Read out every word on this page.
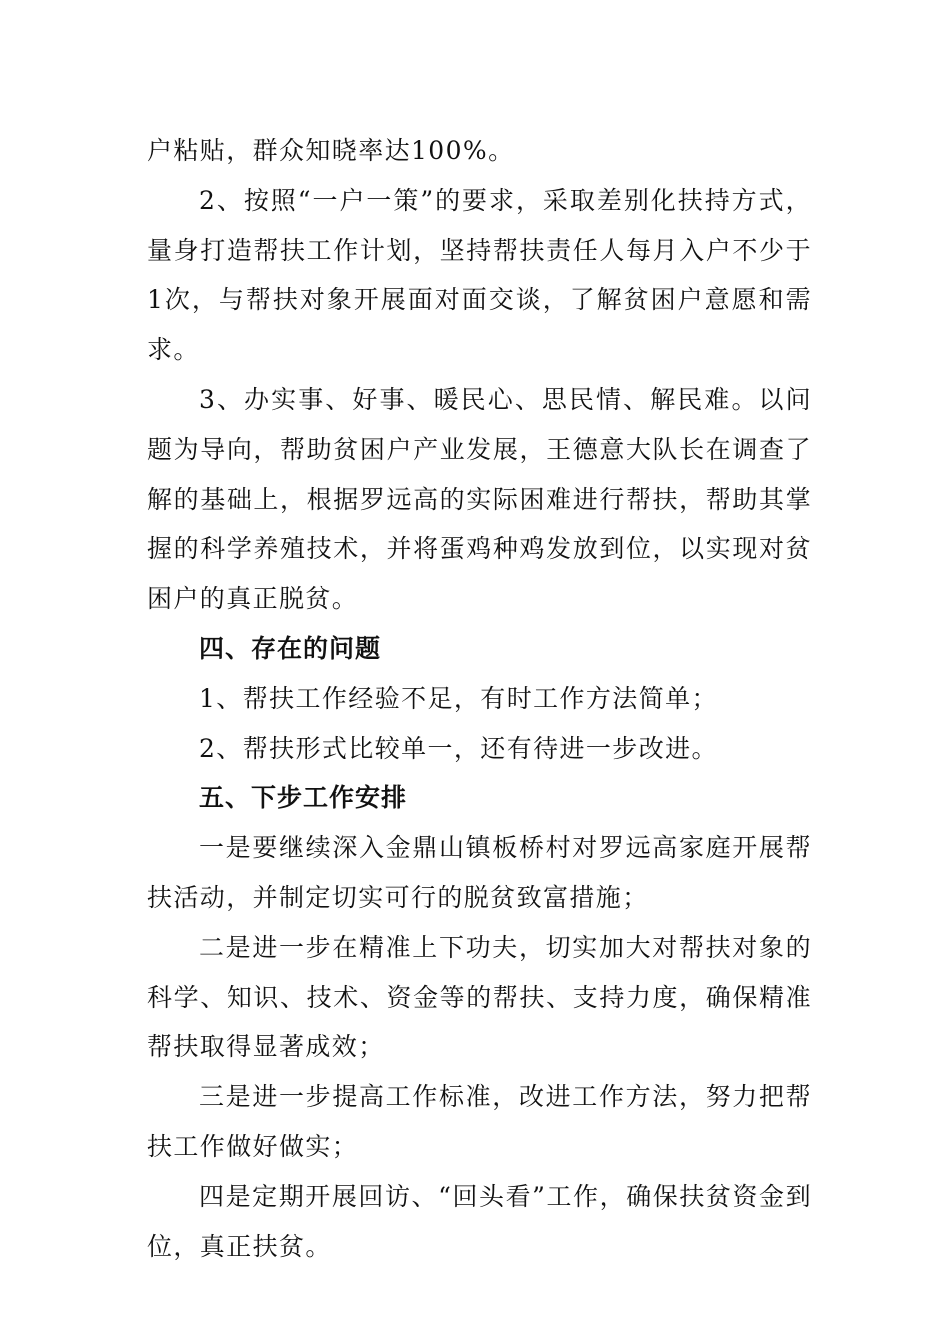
户粘贴，群众知晓率达100%。

2、按照“一户一策”的要求，采取差别化扶持方式，量身打造帮扶工作计划，坚持帮扶责任人每月入户不少于1次，与帮扶对象开展面对面交谈，了解贫困户意愿和需求。

3、办实事、好事、暖民心、思民情、解民难。以问题为导向，帮助贫困户产业发展，王德意大队长在调查了解的基础上，根据罗远高的实际困难进行帮扶，帮助其掌握的科学养殖技术，并将蛋鸡种鸡发放到位，以实现对贫困户的真正脱贫。

四、存在的问题

1、帮扶工作经验不足，有时工作方法简单；

2、帮扶形式比较单一，还有待进一步改进。

五、下步工作安排

一是要继续深入金鼎山镇板桥村对罗远高家庭开展帮扶活动，并制定切实可行的脱贫致富措施；

二是进一步在精准上下功夫，切实加大对帮扶对象的科学、知识、技术、资金等的帮扶、支持力度，确保精准帮扶取得显著成效；

三是进一步提高工作标准，改进工作方法，努力把帮扶工作做好做实；

四是定期开展回访、“回头看”工作，确保扶贫资金到位，真正扶贫。
